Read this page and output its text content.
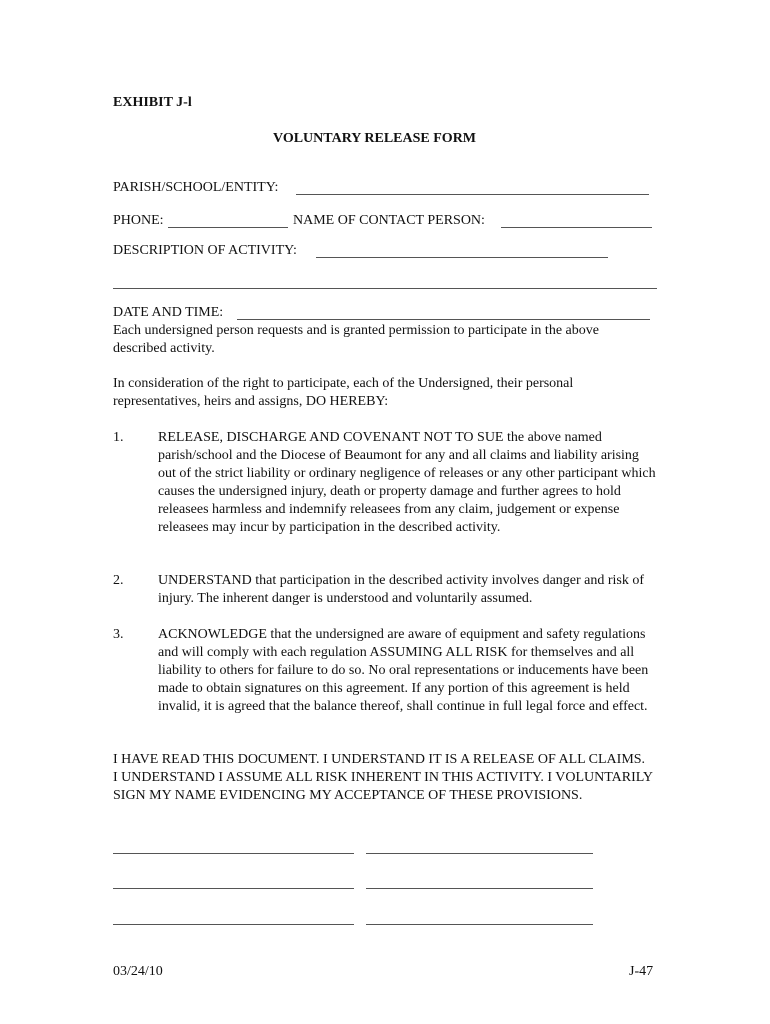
EXHIBIT J-l
VOLUNTARY RELEASE FORM
PARISH/SCHOOL/ENTITY:
PHONE:	NAME OF CONTACT PERSON:
DESCRIPTION OF ACTIVITY:
DATE AND TIME:
Each undersigned person requests and is granted permission to participate in the above described activity.
In consideration of the right to participate, each of the Undersigned, their personal representatives, heirs and assigns, DO HEREBY:
1. RELEASE, DISCHARGE AND COVENANT NOT TO SUE the above named parish/school and the Diocese of Beaumont for any and all claims and liability arising out of the strict liability or ordinary negligence of releases or any other participant which causes the undersigned injury, death or property damage and further agrees to hold releasees harmless and indemnify releasees from any claim, judgement or expense releasees may incur by participation in the described activity.
2. UNDERSTAND that participation in the described activity involves danger and risk of injury. The inherent danger is understood and voluntarily assumed.
3. ACKNOWLEDGE that the undersigned are aware of equipment and safety regulations and will comply with each regulation ASSUMING ALL RISK for themselves and all liability to others for failure to do so. No oral representations or inducements have been made to obtain signatures on this agreement. If any portion of this agreement is held invalid, it is agreed that the balance thereof, shall continue in full legal force and effect.
I HAVE READ THIS DOCUMENT. I UNDERSTAND IT IS A RELEASE OF ALL CLAIMS. I UNDERSTAND I ASSUME ALL RISK INHERENT IN THIS ACTIVITY. I VOLUNTARILY SIGN MY NAME EVIDENCING MY ACCEPTANCE OF THESE PROVISIONS.
03/24/10	J-47
